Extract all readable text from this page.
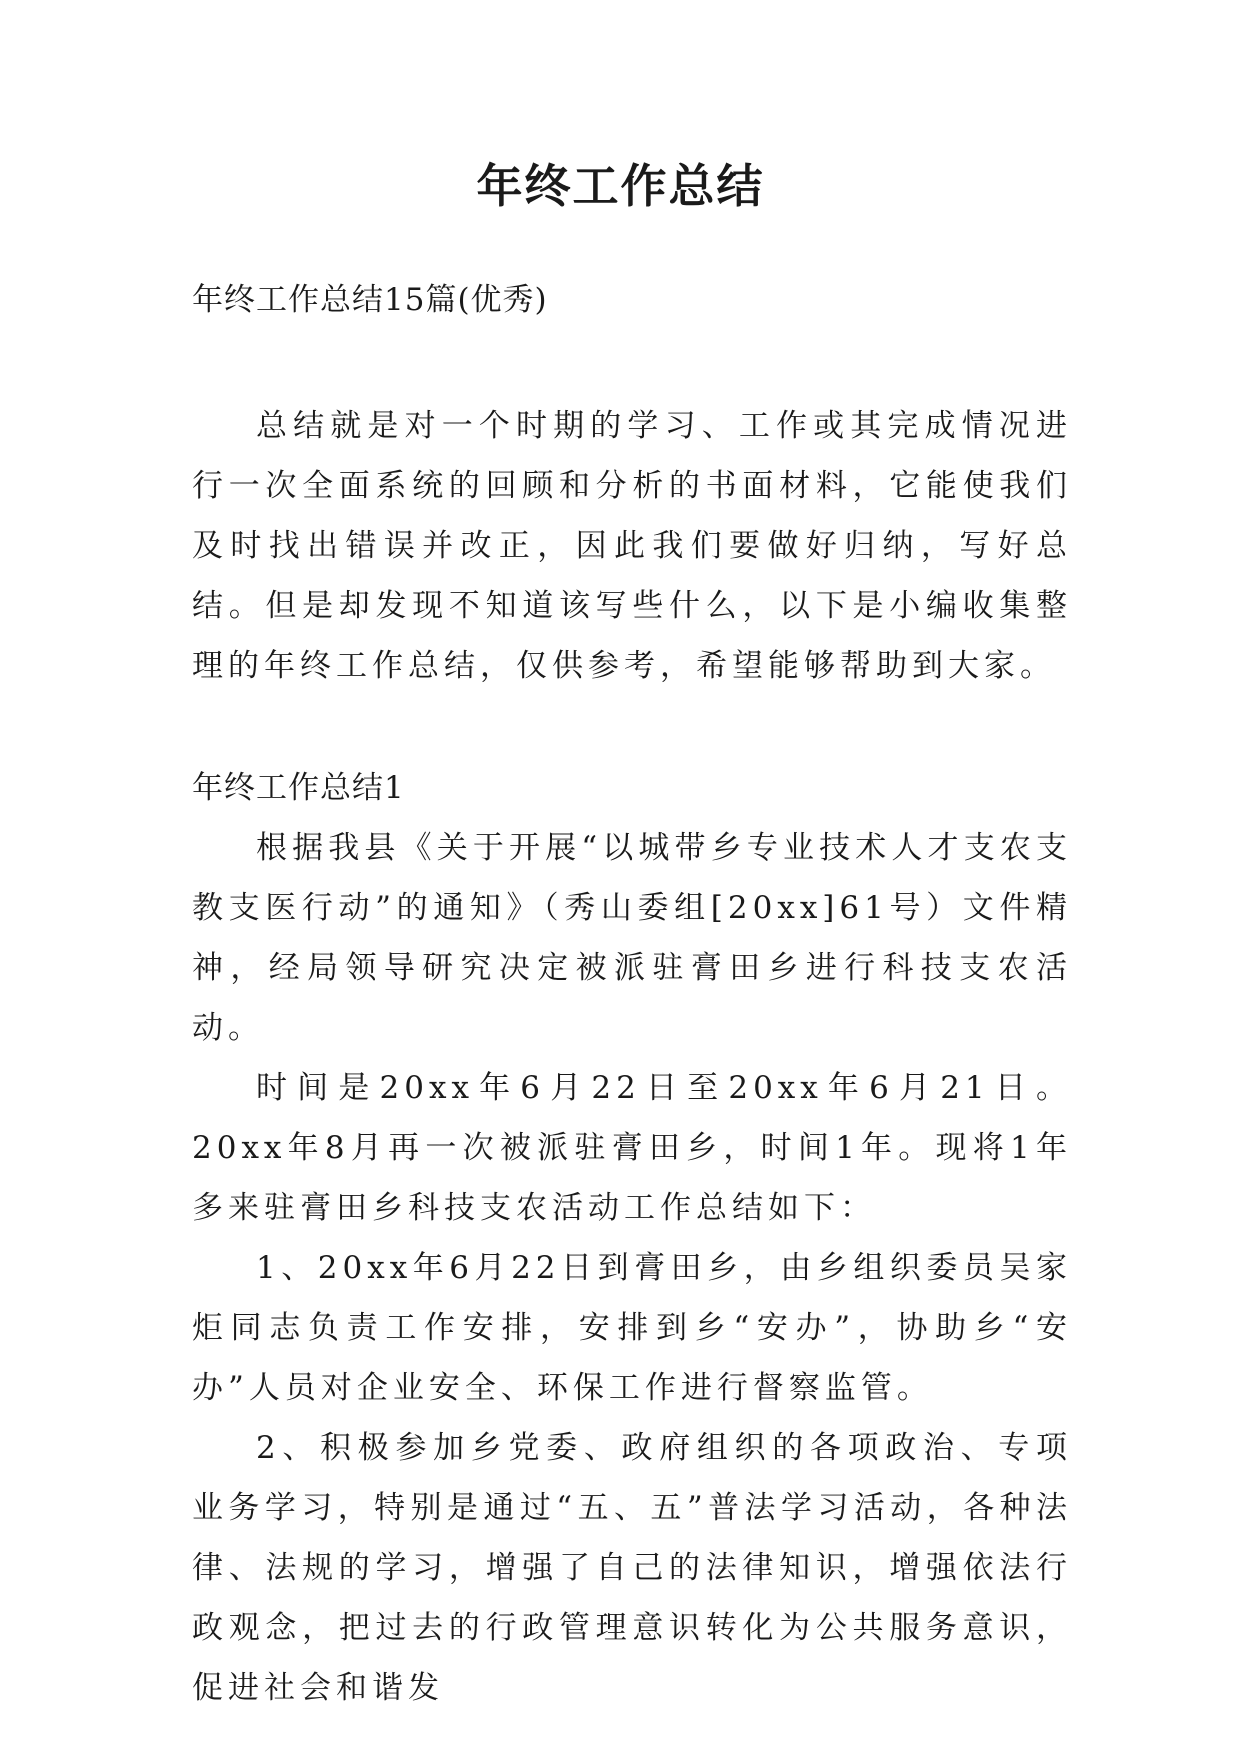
年终工作总结

年终工作总结15篇(优秀)

总结就是对一个时期的学习、工作或其完成情况进行一次全面系统的回顾和分析的书面材料，它能使我们及时找出错误并改正，因此我们要做好归纳，写好总结。但是却发现不知道该写些什么，以下是小编收集整理的年终工作总结，仅供参考，希望能够帮助到大家。

年终工作总结1

根据我县《关于开展“以城带乡专业技术人才支农支教支医行动”的通知》（秀山委组[20xx]61号）文件精神，经局领导研究决定被派驻膏田乡进行科技支农活动。

时间是20xx年6月22日至20xx年6月21日。20xx年8月再一次被派驻膏田乡，时间1年。现将1年多来驻膏田乡科技支农活动工作总结如下：

1、20xx年6月22日到膏田乡，由乡组织委员吴家炬同志负责工作安排，安排到乡“安办”，协助乡“安办”人员对企业安全、环保工作进行督察监管。

2、积极参加乡党委、政府组织的各项政治、专项业务学习，特别是通过“五、五”普法学习活动，各种法律、法规的学习，增强了自己的法律知识，增强依法行政观念，把过去的行政管理意识转化为公共服务意识，促进社会和谐发
